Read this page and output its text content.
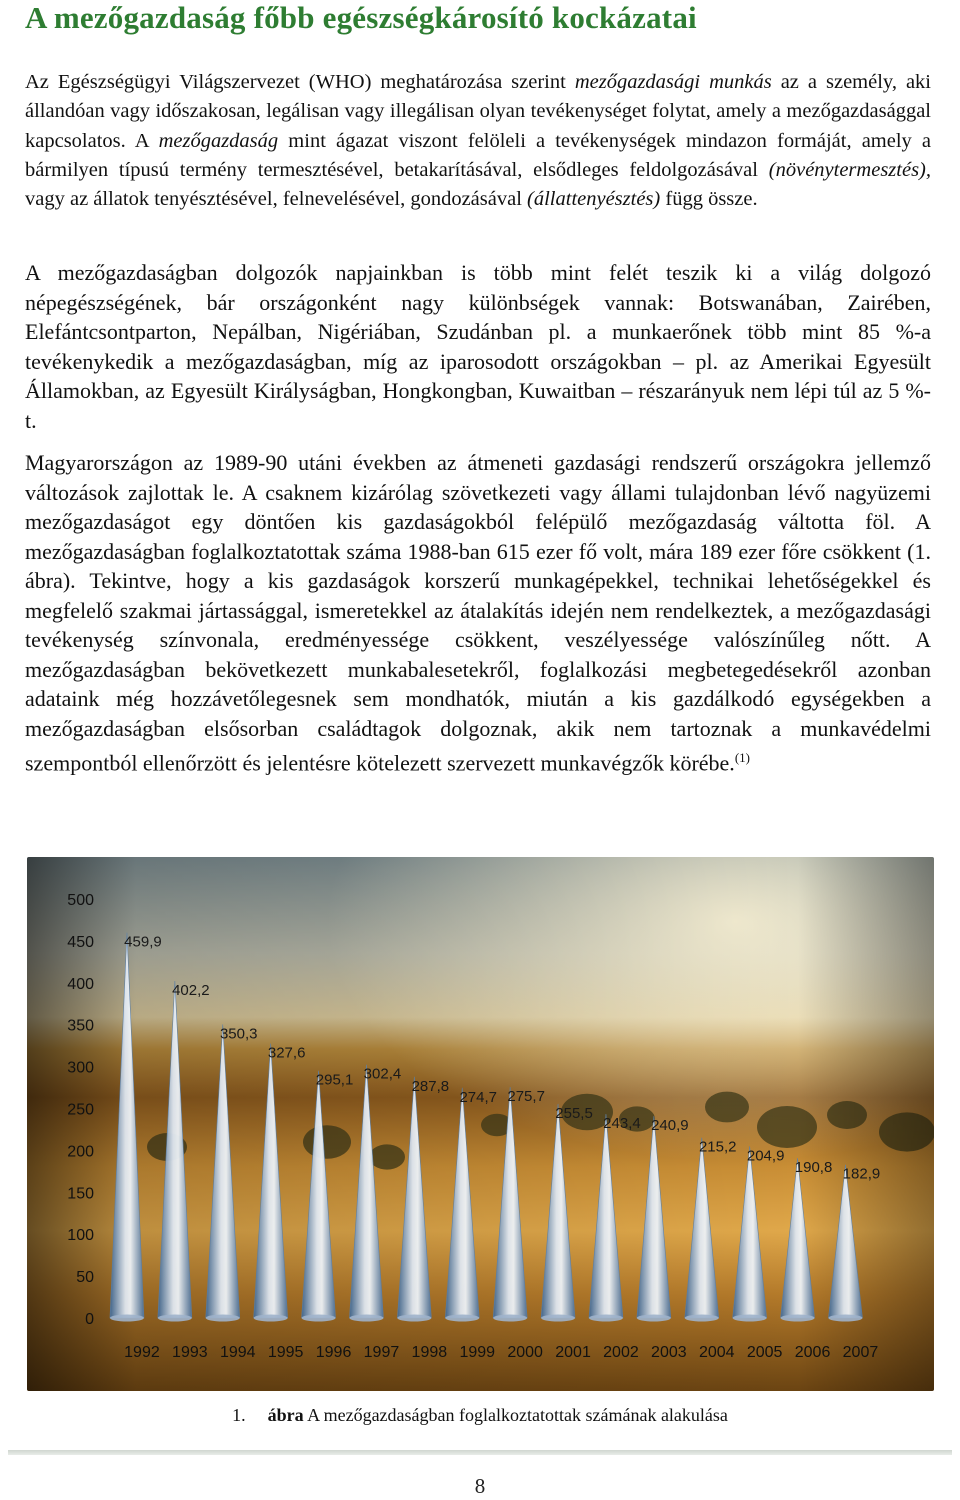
A mezőgazdaság főbb egészségkárosító kockázatai

Az Egészségügyi Világszervezet (WHO) meghatározása szerint mezőgazdasági munkás az a személy, aki állandóan vagy időszakosan, legálisan vagy illegálisan olyan tevékenységet folytat, amely a mezőgazdasággal kapcsolatos. A mezőgazdaság mint ágazat viszont felöleli a tevékenységek mindazon formáját, amely a bármilyen típusú termény termesztésével, betakarításával, elsődleges feldolgozásával (növénytermesztés), vagy az állatok tenyésztésével, felnevelésével, gondozásával (állattenyésztés) függ össze.

A mezőgazdaságban dolgozók napjainkban is több mint felét teszik ki a világ dolgozó népegészségének, bár országonként nagy különbségek vannak: Botswanában, Zairében, Elefántcsontparton, Nepálban, Nigériában, Szudánban pl. a munkaerőnek több mint 85 %-a tevékenykedik a mezőgazdaságban, míg az iparosodott országokban – pl. az Amerikai Egyesült Államokban, az Egyesült Királyságban, Hongkongban, Kuwaitban – részarányuk nem lépi túl az 5 %-t.

Magyarországon az 1989-90 utáni években az átmeneti gazdasági rendszerű országokra jellemző változások zajlottak le. A csaknem kizárólag szövetkezeti vagy állami tulajdonban lévő nagyüzemi mezőgazdaságot egy döntően kis gazdaságokból felépülő mezőgazdaság váltotta föl. A mezőgazdaságban foglalkoztatottak száma 1988-ban 615 ezer fő volt, mára 189 ezer főre csökkent (1. ábra). Tekintve, hogy a kis gazdaságok korszerű munkagépekkel, technikai lehetőségekkel és megfelelő szakmai jártassággal, ismeretekkel az átalakítás idején nem rendelkeztek, a mezőgazdasági tevékenység színvonala, eredményessége csökkent, veszélyessége valószínűleg nőtt. A mezőgazdaságban bekövetkezett munkabalesetekről, foglalkozási megbetegedésekről azonban adataink még hozzávetőlegesnek sem mondhatók, miután a kis gazdálkodó egységekben a mezőgazdaságban elsősorban családtagok dolgoznak, akik nem tartoznak a munkavédelmi szempontból ellenőrzött és jelentésre kötelezett szervezett munkavégzők körébe.$^{(1)}$

0
50
100
150
200
250
300
350
400
450
500
459,9
402,2
350,3
327,6
295,1 302,4
287,8
274,7 275,7
255,5
243,4 240,9
215,2
204,9
190,8 182,9
1992 1993 1994 1995 1996 1997 1998 1999 2000 2001 2002 2003 2004 2005 2006 2007
1. ábra A mezőgazdaságban foglalkoztatottak számának alakulása
8
